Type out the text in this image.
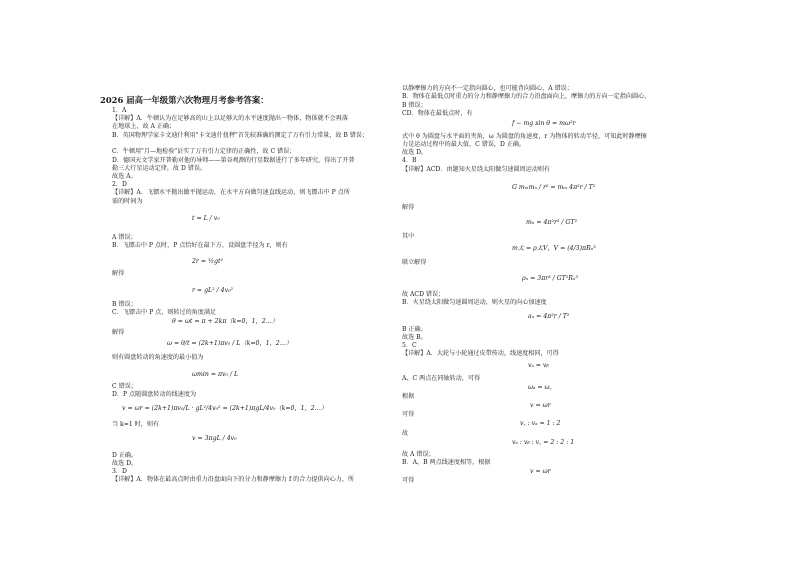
2026 届高一年级第六次物理月考参考答案：
1．A
【详解】A．牛顿认为在足够高的山上以足够大的水平速度抛出一物体，物体就不会再落
在地球上，故 A 正确；
B．英国物理学家卡文迪什利用"卡文迪什扭秤"首先较准确的测定了万有引力常量，故 B 错误；
C．牛顿用"月—地检验"证实了万有引力定律的正确性，故 C 错误；
D．德国天文学家开普勒对他的导师——第谷观测的行星数据进行了多年研究，得出了开普
勒三大行星运动定律，故 D 错误。
故选 A。
2．D
【详解】A．飞镖水平抛出做平抛运动，在水平方向做匀速直线运动，则飞镖击中 P 点所
需的时间为
t = L / v₀
A 错误；
B．飞镖击中 P 点时，P 点恰好在最下方，设圆盘半径为 r，则有
2r = ½gt²
解得
r = gL² / 4v₀²
B 错误；
C．飞镖击中 P 点，则转过的角度满足
θ = ωt = π + 2kπ（k=0，1，2…）
解得
ω = θ/t = (2k+1)πv₀ / L（k=0，1，2…）
则有圆盘转动的角速度的最小值为
ωmin = πv₀ / L
C 错误；
D．P 点随圆盘转动的线速度为
v = ωr = (2k+1)πv₀/L · gL²/4v₀² = (2k+1)πgL/4v₀（k=0，1，2…）
当 k=1 时，则有
v = 3πgL / 4v₀
D 正确。
故选 D。
3．D
【详解】A．物体在最高点时由重力沿盘面向下的分力和静摩擦力 f 的合力提供向心力，所
以静摩擦力的方向不一定指向圆心，也可能背向圆心，A 错误；
B．物体在最低点时重力的分力和静摩擦力的合力沿盘面向上，摩擦力的方向一定指向圆心，
B 错误；
CD．物体在最低点时，有
f − mg sin θ = mω²r
式中 θ 为圆盘与水平面的夹角，ω 为圆盘的角速度，r 为物体的转动半径，可知此时静摩擦
力是运动过程中的最大值，C 错误，D 正确。
故选 D。
4．B
【详解】ACD．由题知火星绕太阳做匀速圆周运动则有
G mₘmₙ / r² = mₘ 4π²r / T²
解得
mₙ = 4π²r³ / GT²
其中
m太 = ρ太V，V = (4/3)πRₙ³
联立解得
ρₙ = 3πr³ / GT²Rₙ³
故 ACD 错误；
B．火星绕太阳做匀速圆周运动，则火星的向心加速度
aₙ = 4π²r / T²
B 正确。
故选 B。
5．C
【详解】A．大轮与小轮通过皮带传动，线速度相同，可得
vₐ = vᵦ
A、C 两点在同轴转动，可得
ωₐ = ω꜀
根据
v = ωr
可得
v꜀ : vₐ = 1 : 2
故
vₐ : vᵦ : v꜀ = 2 : 2 : 1
故 A 错误；
B．A、B 两点线速度相等，根据
v = ωr
可得
